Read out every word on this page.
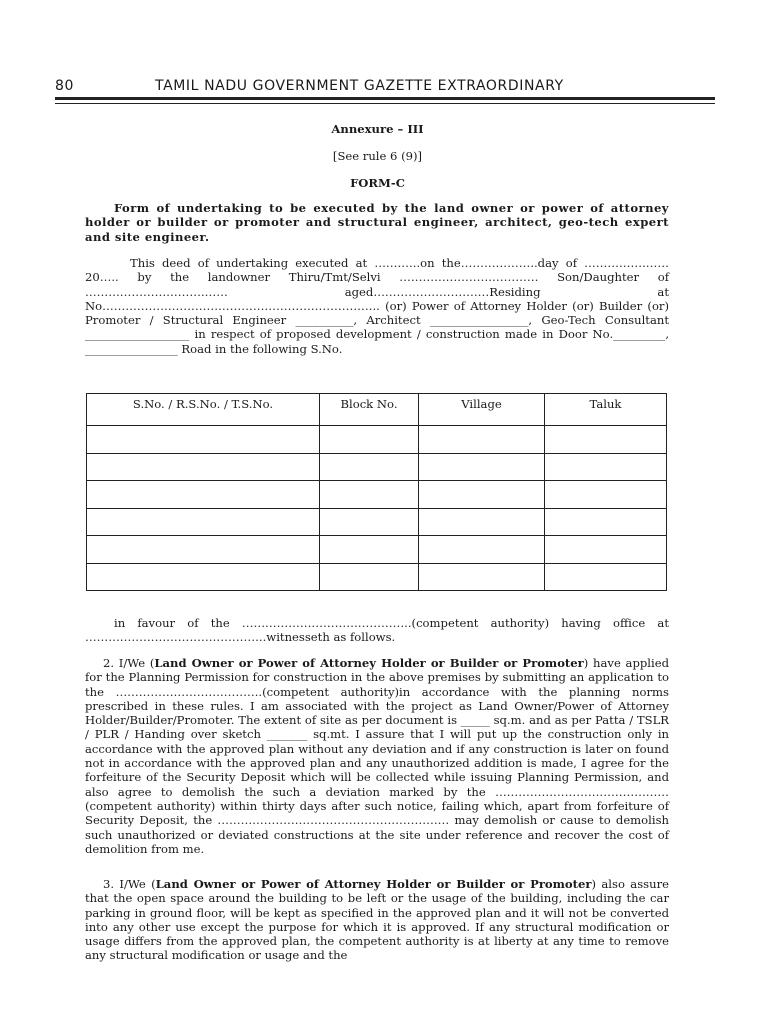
80	TAMIL NADU GOVERNMENT GAZETTE EXTRAORDINARY
Annexure – III
[See rule 6 (9)]
FORM-C

Form of undertaking to be executed by the land owner or power of attorney holder or builder or promoter and structural engineer, architect, geo-tech expert and site engineer.

This deed of undertaking executed at …….…..on the………………..day of …………….……20….. by the landowner Thiru/Tmt/Selvi ……………………………… Son/Daughter of ………………………….…… aged…………………………Residing at No……………………………………………………………... (or) Power of Attorney Holder (or) Builder (or) Promoter / Structural Engineer __________, Architect _________________, Geo-Tech Consultant __________________ in respect of proposed development / construction made in Door No._________, ________________ Road in the following S.No.

S.No. / R.S.No. / T.S.No.	Block No.	Village	Taluk

in favour of the ……………………………………..(competent authority) having office at ………………………………………..witnesseth as follows.

2. I/We (Land Owner or Power of Attorney Holder or Builder or Promoter) have applied for the Planning Permission for construction in the above premises by submitting an application to the ………………………………..(competent authority)in accordance with the planning norms prescribed in these rules. I am associated with the project as Land Owner/Power of Attorney Holder/Builder/Promoter. The extent of site as per document is _____ sq.m. and as per Patta / TSLR / PLR / Handing over sketch _______ sq.mt. I assure that I will put up the construction only in accordance with the approved plan without any deviation and if any construction is later on found not in accordance with the approved plan and any unauthorized addition is made, I agree for the forfeiture of the Security Deposit which will be collected while issuing Planning Permission, and also agree to demolish the such a deviation marked by the ………………………………………(competent authority) within thirty days after such notice, failing which, apart from forfeiture of Security Deposit, the …………………………………………………… may demolish or cause to demolish such unauthorized or deviated constructions at the site under reference and recover the cost of demolition from me.

3. I/We (Land Owner or Power of Attorney Holder or Builder or Promoter) also assure that the open space around the building to be left or the usage of the building, including the car parking in ground floor, will be kept as specified in the approved plan and it will not be converted into any other use except the purpose for which it is approved. If any structural modification or usage differs from the approved plan, the competent authority is at liberty at any time to remove any structural modification or usage and the
